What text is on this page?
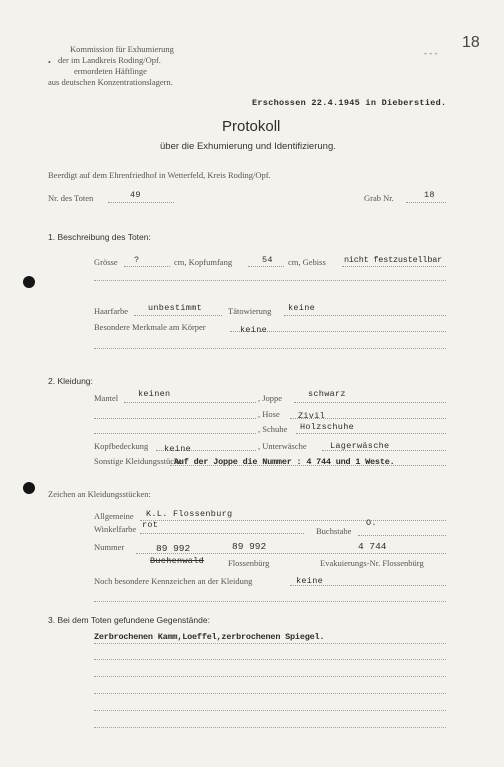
18
- - -
Kommission für Exhumierung
der im Landkreis Roding/Opf.
ermordeten Häftlinge
aus deutschen Konzentrationslagern.
•
Erschossen 22.4.1945 in Dieberstied.
Protokoll
über die Exhumierung und Identifizierung.
Beerdigt auf dem Ehrenfriedhof in Wetterfeld, Kreis Roding/Opf.
Nr. des Toten	49	Grab Nr.	18
1. Beschreibung des Toten:
Grösse ?	cm, Kopfumfang	54 cm, Gebiss nicht festzustellbar
Haarfarbe unbestimmt	Tätowierung keine
Besondere Merkmale am Körper	keine
2. Kleidung:
Mantel keinen	, Joppe	schwarz
, Hose Zivil
, Schuhe Holzschuhe
Kopfbedeckung keine	, Unterwäsche	Lagerwäsche
Sonstige Kleidungsstücke
Auf der Joppe die Nummer : 4 744 und 1 Weste.
Zeichen an Kleidungsstücken:
Allgemeine K.L. Flossenburg
Winkelfarbe rot
Buchstabe
O.
Nummer	89 992	89 992	4 744
Buchenwald	Flossenbürg	Evakuierungs-Nr. Flossenbürg
Noch besondere Kennzeichen an der Kleidung	keine
3. Bei dem Toten gefundene Gegenstände:
Zerbrochenen Kamm,Loeffel,zerbrochenen Spiegel.
